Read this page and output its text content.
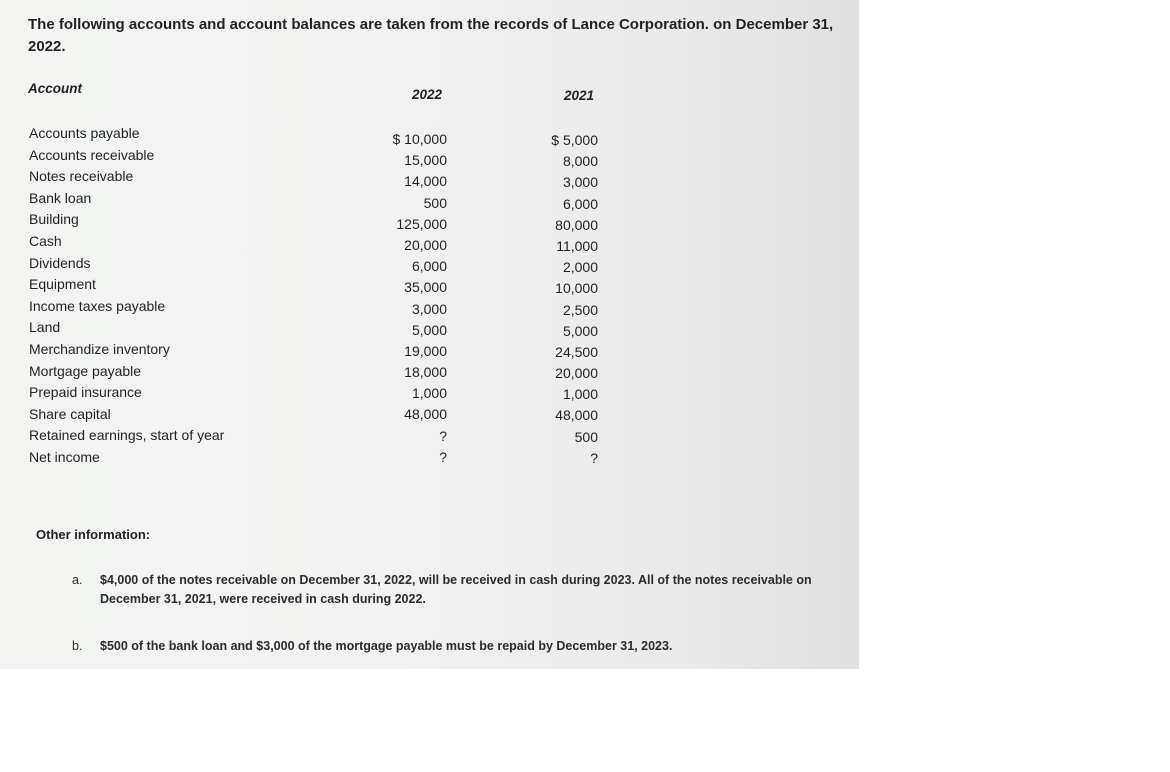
The following accounts and account balances are taken from the records of Lance Corporation. on December 31, 2022.
Account	2022	2021
Accounts payable
Accounts receivable
Notes receivable
Bank loan
Building
Cash
Dividends
Equipment
Income taxes payable
Land
Merchandize inventory
Mortgage payable
Prepaid insurance
Share capital
Retained earnings, start of year
Net income
$ 10,000
15,000
14,000
500
125,000
20,000
6,000
35,000
3,000
5,000
19,000
18,000
1,000
48,000
?
?
$ 5,000
8,000
3,000
6,000
80,000
11,000
2,000
10,000
2,500
5,000
24,500
20,000
1,000
48,000
500
?
Other information:
a. $4,000 of the notes receivable on December 31, 2022, will be received in cash during 2023. All of the notes receivable on December 31, 2021, were received in cash during 2022.
b. $500 of the bank loan and $3,000 of the mortgage payable must be repaid by December 31, 2023.
